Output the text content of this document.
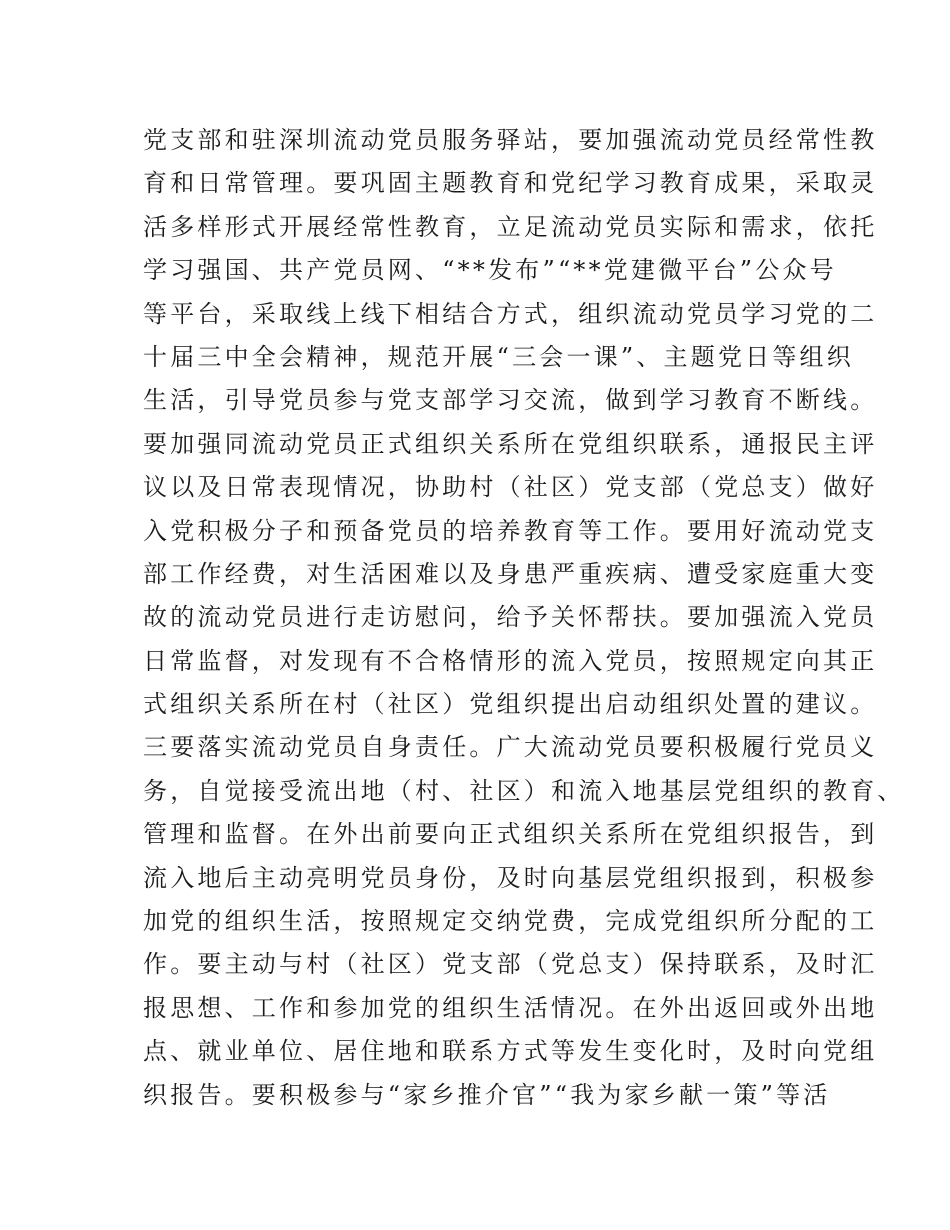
党支部和驻深圳流动党员服务驿站，要加强流动党员经常性教
育和日常管理。要巩固主题教育和党纪学习教育成果，采取灵
活多样形式开展经常性教育，立足流动党员实际和需求，依托
学习强国、共产党员网、“**发布”“**党建微平台”公众号
等平台，采取线上线下相结合方式，组织流动党员学习党的二
十届三中全会精神，规范开展“三会一课”、主题党日等组织
生活，引导党员参与党支部学习交流，做到学习教育不断线。
要加强同流动党员正式组织关系所在党组织联系，通报民主评
议以及日常表现情况，协助村（社区）党支部（党总支）做好
入党积极分子和预备党员的培养教育等工作。要用好流动党支
部工作经费，对生活困难以及身患严重疾病、遭受家庭重大变
故的流动党员进行走访慰问，给予关怀帮扶。要加强流入党员
日常监督，对发现有不合格情形的流入党员，按照规定向其正
式组织关系所在村（社区）党组织提出启动组织处置的建议。
三要落实流动党员自身责任。广大流动党员要积极履行党员义
务，自觉接受流出地（村、社区）和流入地基层党组织的教育、
管理和监督。在外出前要向正式组织关系所在党组织报告，到
流入地后主动亮明党员身份，及时向基层党组织报到，积极参
加党的组织生活，按照规定交纳党费，完成党组织所分配的工
作。要主动与村（社区）党支部（党总支）保持联系，及时汇
报思想、工作和参加党的组织生活情况。在外出返回或外出地
点、就业单位、居住地和联系方式等发生变化时，及时向党组
织报告。要积极参与“家乡推介官”“我为家乡献一策”等活
